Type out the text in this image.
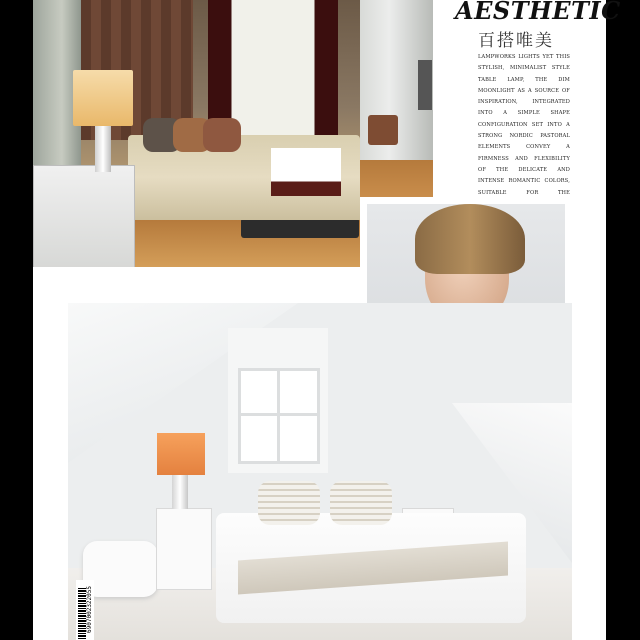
AESTHETIC
百搭唯美
LAMPWORKS LIGHTS YET THIS STYLISH, MINIMALIST STYLE TABLE LAMP, THE DIM MOONLIGHT AS A SOURCE OF INSPIRATION, INTEGRATED INTO A SIMPLE SHAPE CONFIGURATION SET INTO A STRONG NORDIC PASTORAL ELEMENTS CONVEY A FIRMNESS AND FLEXIBILITY OF THE DELICATE AND INTENSE ROMANTIC COLORS, SUITABLE FOR THE
6907002322055
